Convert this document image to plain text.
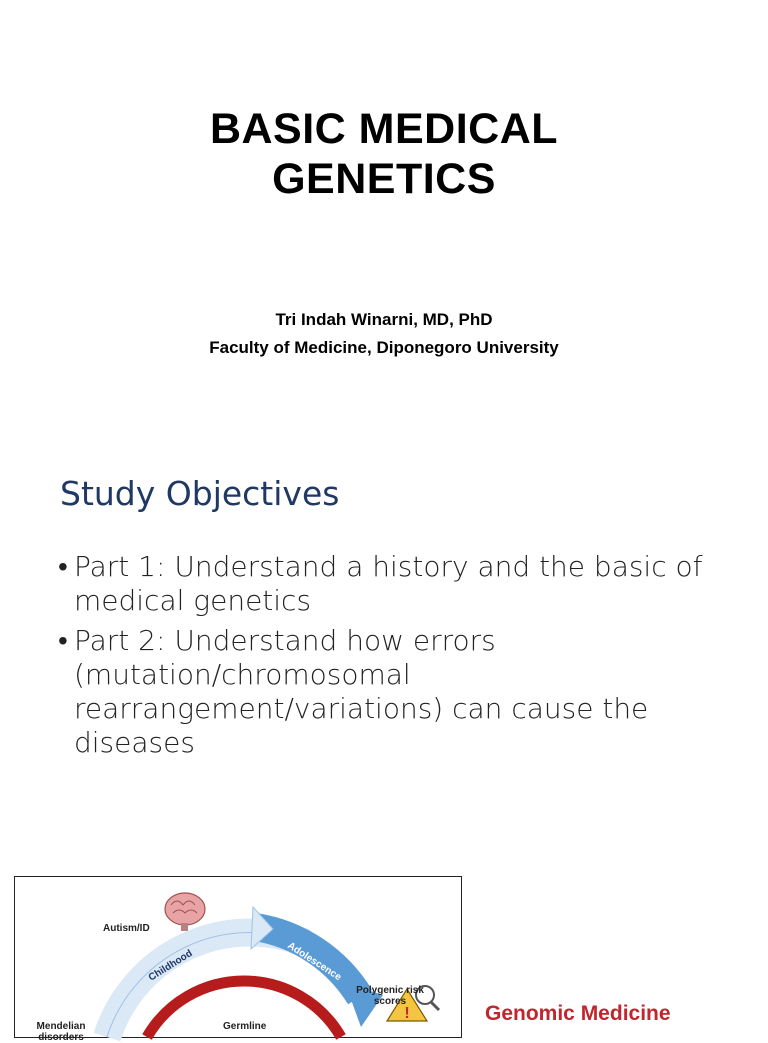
BASIC MEDICAL
GENETICS
Tri Indah Winarni, MD, PhD
Faculty of Medicine, Diponegoro University
Study Objectives
• Part 1: Understand a history and the basic of medical genetics
• Part 2: Understand how errors (mutation/chromosomal rearrangement/variations) can cause the diseases
!
Childhood	Adolescence
Autism/ID
Polygenic risk
scores
Mendelian
disorders
Germline
Genomic Medicine
